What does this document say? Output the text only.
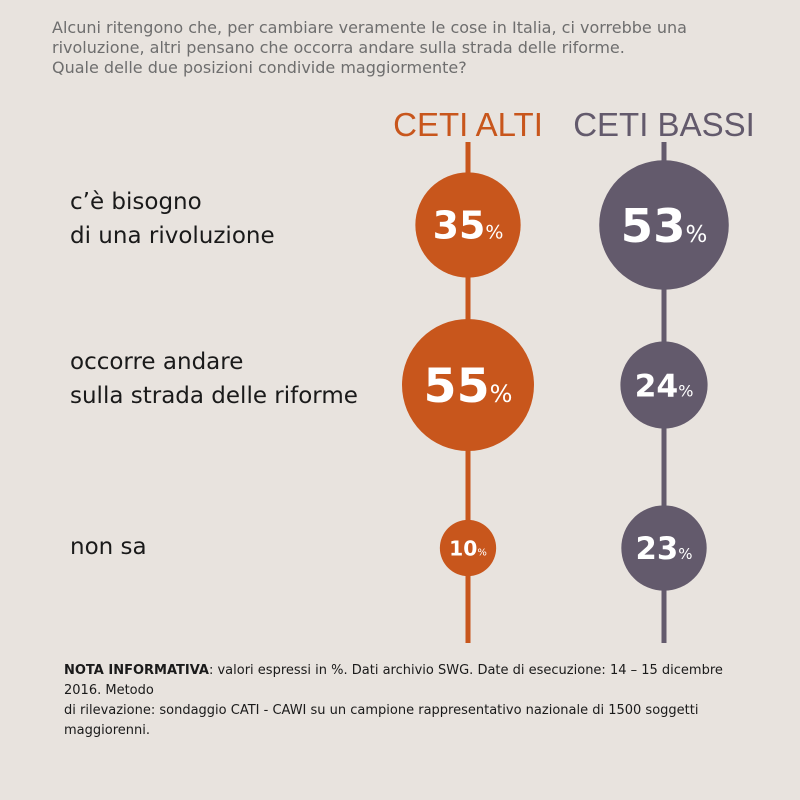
Alcuni ritengono che, per cambiare veramente le cose in Italia, ci vorrebbe una
rivoluzione, altri pensano che occorra andare sulla strada delle riforme.
Quale delle due posizioni condivide maggiormente?
CETI ALTI
35%
55%
10%
CETI BASSI
53%
24%
23%
c’è bisogno
di una rivoluzione
occorre andare
sulla strada delle riforme
non sa
NOTA INFORMATIVA: valori espressi in %. Dati archivio SWG. Date di esecuzione: 14 – 15 dicembre 2016. Metodo
di rilevazione: sondaggio CATI - CAWI su un campione rappresentativo nazionale di 1500 soggetti maggiorenni.
